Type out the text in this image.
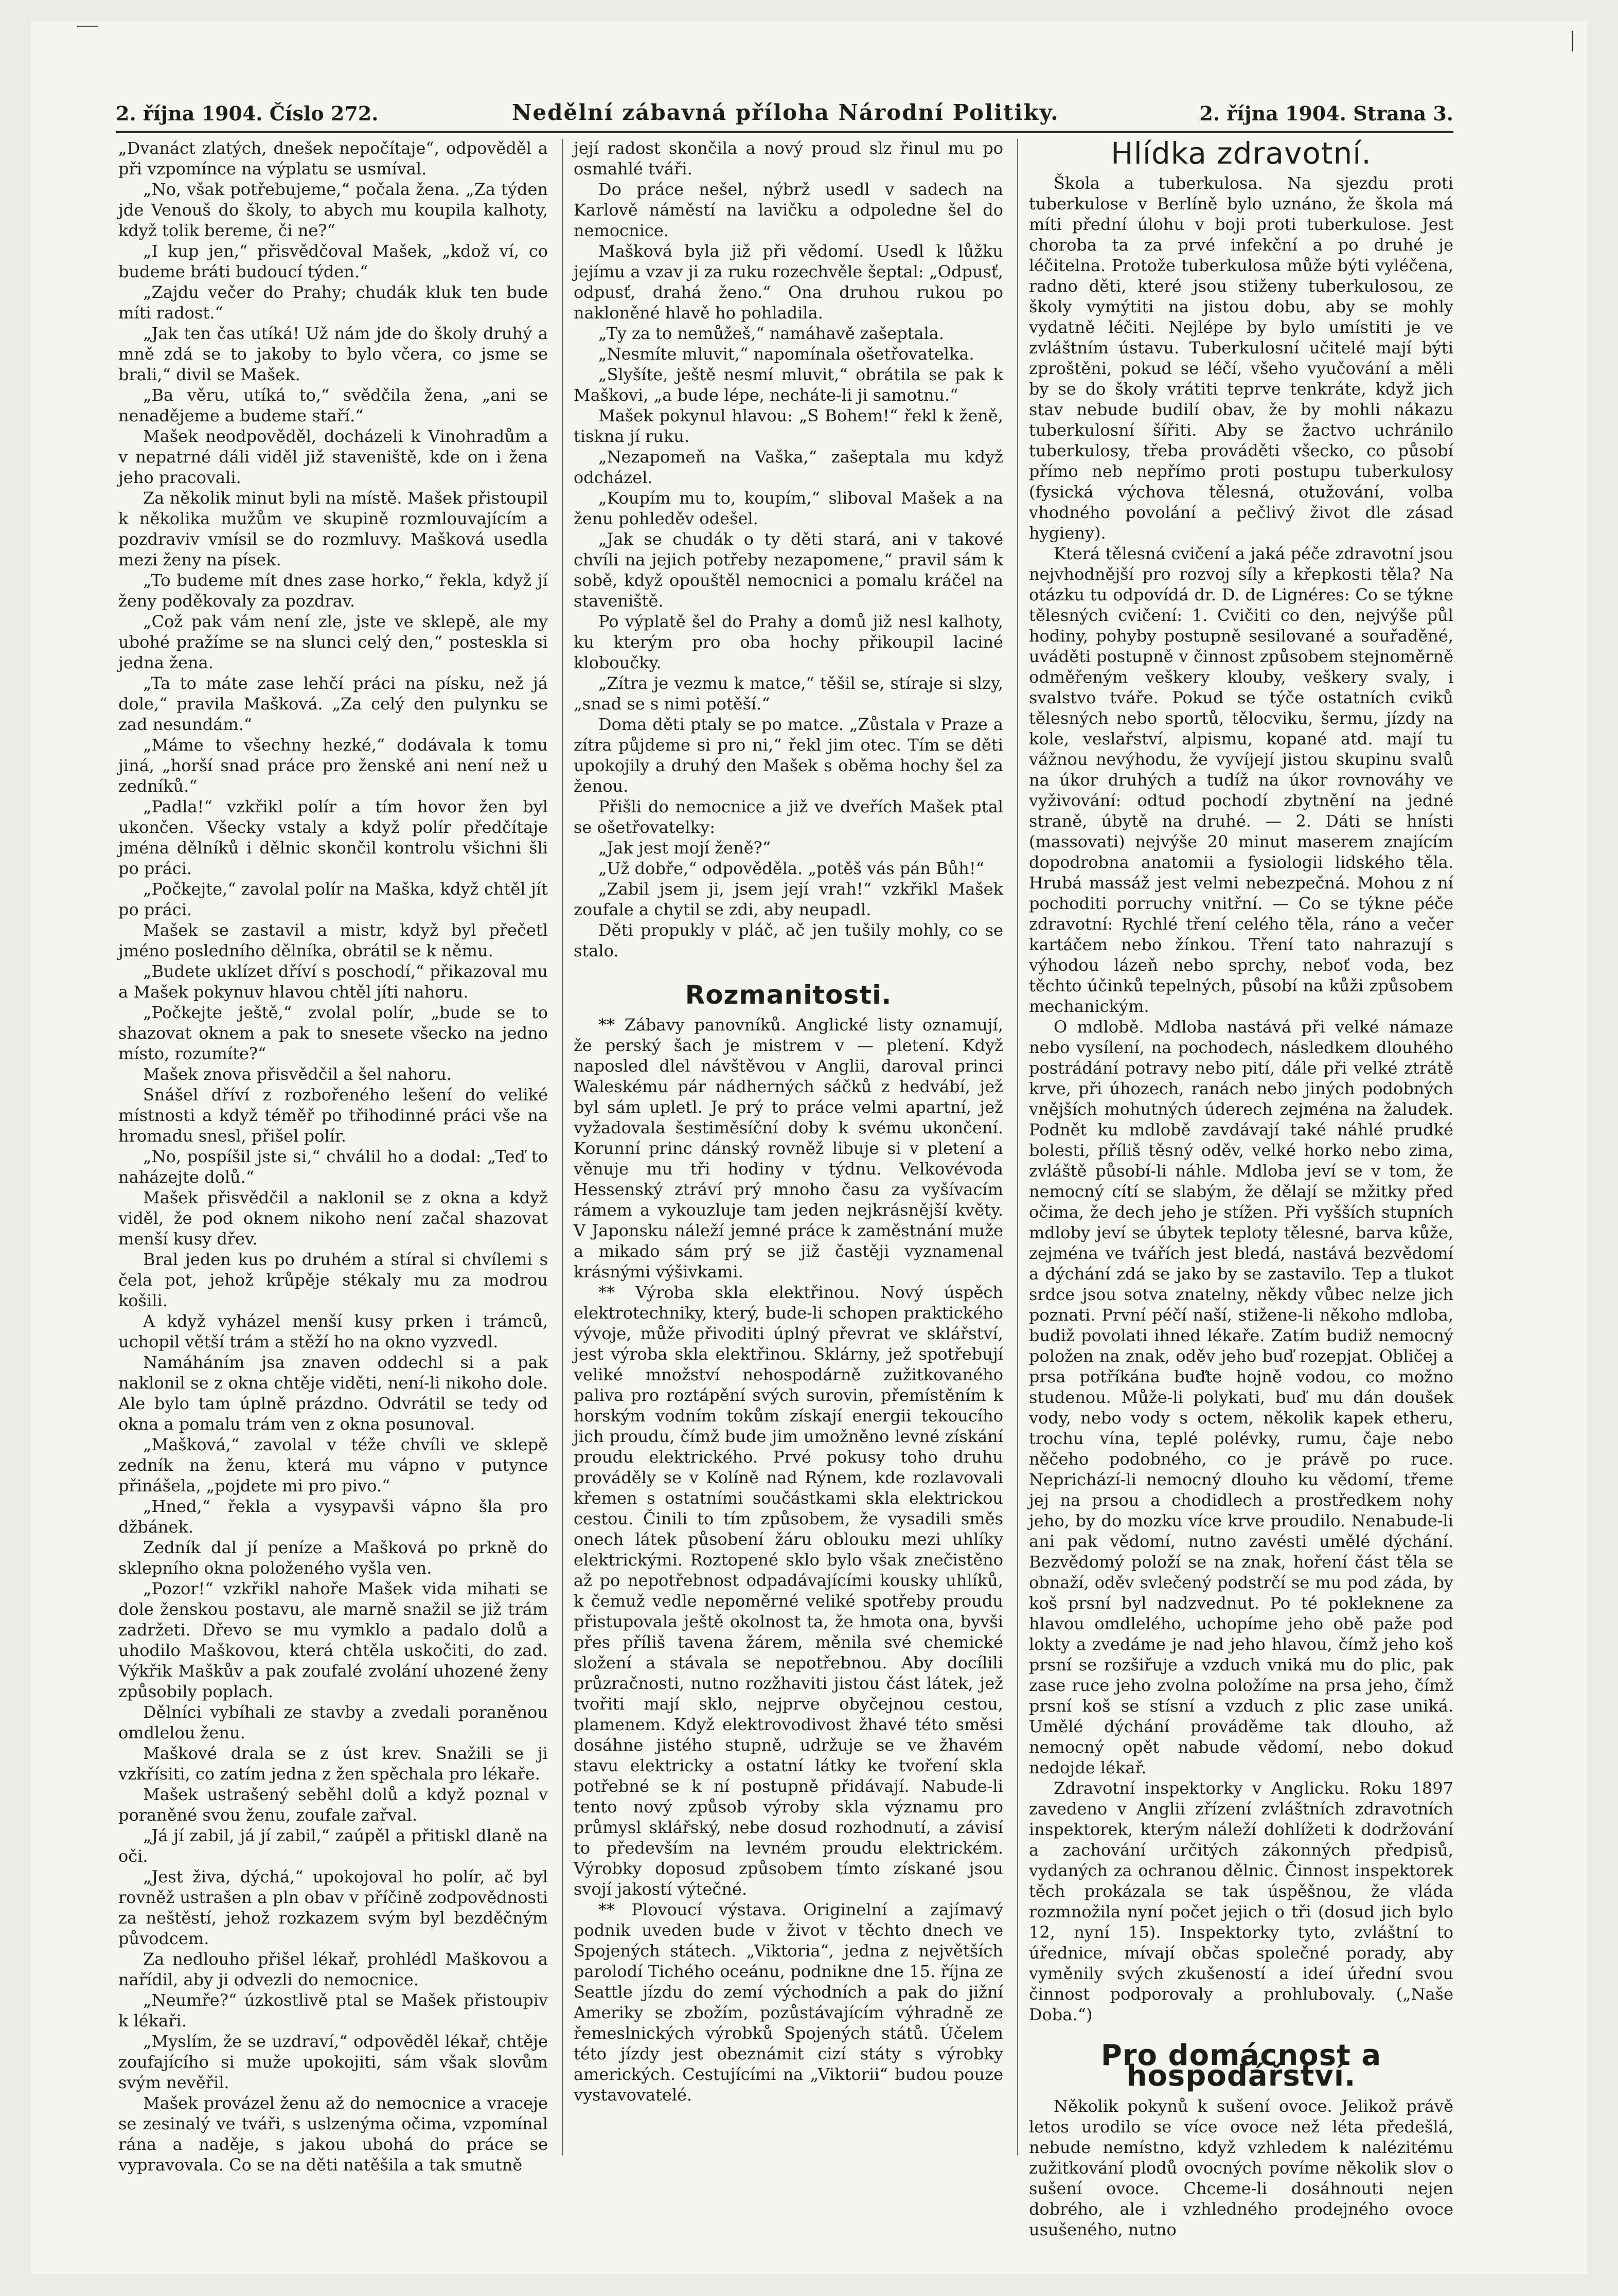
2. října 1904. Číslo 272.	Nedělní zábavná příloha Národní Politiky.	2. října 1904. Strana 3.

„Dvanáct zlatých, dnešek nepočítaje“, odpověděl a při vzpomínce na výplatu se usmíval.

„No, však potřebujeme,“ počala žena. „Za týden jde Venouš do školy, to abych mu koupila kalhoty, když tolik bereme, či ne?“

„I kup jen,“ přisvědčoval Mašek, „kdož ví, co budeme bráti budoucí týden.“

„Zajdu večer do Prahy; chudák kluk ten bude míti radost.“

„Jak ten čas utíká! Už nám jde do školy druhý a mně zdá se to jakoby to bylo včera, co jsme se brali,“ divil se Mašek.

„Ba věru, utíká to,“ svědčila žena, „ani se nenadějeme a budeme staří.“

Mašek neodpověděl, docházeli k Vinohradům a v nepatrné dáli viděl již staveniště, kde on i žena jeho pracovali.

Za několik minut byli na místě. Mašek přistoupil k několika mužům ve skupině rozmlouvajícím a pozdraviv vmísil se do rozmluvy. Mašková usedla mezi ženy na písek.

„To budeme mít dnes zase horko,“ řekla, když jí ženy poděkovaly za pozdrav.

„Což pak vám není zle, jste ve sklepě, ale my ubohé pražíme se na slunci celý den,“ posteskla si jedna žena.

„Ta to máte zase lehčí práci na písku, než já dole,“ pravila Mašková. „Za celý den pulynku se zad nesundám.“

„Máme to všechny hezké,“ dodávala k tomu jiná, „horší snad práce pro ženské ani není než u zedníků.“

„Padla!“ vzkřikl polír a tím hovor žen byl ukončen. Všecky vstaly a když polír předčítaje jména dělníků i dělnic skončil kontrolu všichni šli po práci.

„Počkejte,“ zavolal polír na Maška, když chtěl jít po práci.

Mašek se zastavil a mistr, když byl přečetl jméno posledního dělníka, obrátil se k němu.

„Budete uklízet dříví s poschodí,“ přikazoval mu a Mašek pokynuv hlavou chtěl jíti nahoru.

„Počkejte ještě,“ zvolal polír, „bude se to shazovat oknem a pak to snesete všecko na jedno místo, rozumíte?“

Mašek znova přisvědčil a šel nahoru.

Snášel dříví z rozbořeného lešení do veliké místnosti a když téměř po třihodinné práci vše na hromadu snesl, přišel polír.

„No, pospíšil jste si,“ chválil ho a dodal: „Teď to naházejte dolů.“

Mašek přisvědčil a naklonil se z okna a když viděl, že pod oknem nikoho není začal shazovat menší kusy dřev.

Bral jeden kus po druhém a stíral si chvílemi s čela pot, jehož krůpěje stékaly mu za modrou košili.

A když vyházel menší kusy prken i trámců, uchopil větší trám a stěží ho na okno vyzvedl.

Namáháním jsa znaven oddechl si a pak naklonil se z okna chtěje viděti, není-li nikoho dole. Ale bylo tam úplně prázdno. Odvrátil se tedy od okna a pomalu trám ven z okna posunoval.

„Mašková,“ zavolal v téže chvíli ve sklepě zedník na ženu, která mu vápno v putynce přinášela, „pojdete mi pro pivo.“

„Hned,“ řekla a vysypavši vápno šla pro džbánek.

Zedník dal jí peníze a Mašková po prkně do sklepního okna položeného vyšla ven.

„Pozor!“ vzkřikl nahoře Mašek vida mihati se dole ženskou postavu, ale marně snažil se již trám zadržeti. Dřevo se mu vymklo a padalo dolů a uhodilo Maškovou, která chtěla uskočiti, do zad. Výkřik Maškův a pak zoufalé zvolání uhozené ženy způsobily poplach.

Dělníci vybíhali ze stavby a zvedali poraněnou omdlelou ženu.

Maškové drala se z úst krev. Snažili se ji vzkřísiti, co zatím jedna z žen spěchala pro lékaře.

Mašek ustrašený seběhl dolů a když poznal v poraněné svou ženu, zoufale zařval.

„Já jí zabil, já jí zabil,“ zaúpěl a přitiskl dlaně na oči.

„Jest živa, dýchá,“ upokojoval ho polír, ač byl rovněž ustrašen a pln obav v příčině zodpovědnosti za neštěstí, jehož rozkazem svým byl bezděčným původcem.

Za nedlouho přišel lékař, prohlédl Maškovou a nařídil, aby ji odvezli do nemocnice.

„Neumře?“ úzkostlivě ptal se Mašek přistoupiv k lékaři.

„Myslím, že se uzdraví,“ odpověděl lékař, chtěje zoufajícího si muže upokojiti, sám však slovům svým nevěřil.

Mašek provázel ženu až do nemocnice a vraceje se zesinalý ve tváři, s uslzenýma očima, vzpomínal rána a naděje, s jakou ubohá do práce se vypravovala. Co se na děti natěšila a tak smutně

její radost skončila a nový proud slz řinul mu po osmahlé tváři.

Do práce nešel, nýbrž usedl v sadech na Karlově náměstí na lavičku a odpoledne šel do nemocnice.

Mašková byla již při vědomí. Usedl k lůžku jejímu a vzav ji za ruku rozechvěle šeptal: „Odpusť, odpusť, drahá ženo.“ Ona druhou rukou po nakloněné hlavě ho pohladila.

„Ty za to nemůžeš,“ namáhavě zašeptala.

„Nesmíte mluvit,“ napomínala ošetřovatelka.

„Slyšíte, ještě nesmí mluvit,“ obrátila se pak k Maškovi, „a bude lépe, necháte-li ji samotnu.“

Mašek pokynul hlavou: „S Bohem!“ řekl k ženě, tiskna jí ruku.

„Nezapomeň na Vaška,“ zašeptala mu když odcházel.

„Koupím mu to, koupím,“ sliboval Mašek a na ženu pohleděv odešel.

„Jak se chudák o ty děti stará, ani v takové chvíli na jejich potřeby nezapomene,“ pravil sám k sobě, když opouštěl nemocnici a pomalu kráčel na staveniště.

Po výplatě šel do Prahy a domů již nesl kalhoty, ku kterým pro oba hochy přikoupil laciné kloboučky.

„Zítra je vezmu k matce,“ těšil se, stíraje si slzy, „snad se s nimi potěší.“

Doma děti ptaly se po matce. „Zůstala v Praze a zítra půjdeme si pro ni,“ řekl jim otec. Tím se děti upokojily a druhý den Mašek s oběma hochy šel za ženou.

Přišli do nemocnice a již ve dveřích Mašek ptal se ošetřovatelky:

„Jak jest mojí ženě?“

„Už dobře,“ odpověděla. „potěš vás pán Bůh!“

„Zabil jsem ji, jsem její vrah!“ vzkřikl Mašek zoufale a chytil se zdi, aby neupadl.

Děti propukly v pláč, ač jen tušily mohly, co se stalo.

Rozmanitosti.

** Zábavy panovníků. Anglické listy oznamují, že perský šach je mistrem v — pletení. Když naposled dlel návštěvou v Anglii, daroval princi Waleskému pár nádherných sáčků z hedvábí, jež byl sám upletl. Je prý to práce velmi apartní, jež vyžadovala šestiměsíční doby k svému ukončení. Korunní princ dánský rovněž libuje si v pletení a věnuje mu tři hodiny v týdnu. Velkovévoda Hessenský ztráví prý mnoho času za vyšívacím rámem a vykouzluje tam jeden nejkrásnější květy. V Japonsku náleží jemné práce k zaměstnání muže a mikado sám prý se již častěji vyznamenal krásnými výšivkami.

** Výroba skla elektřinou. Nový úspěch elektrotechniky, který, bude-li schopen praktického vývoje, může přivoditi úplný převrat ve sklářství, jest výroba skla elektřinou. Sklárny, jež spotřebují veliké množství nehospodárně zužitkovaného paliva pro roztápění svých surovin, přemístěním k horským vodním tokům získají energii tekoucího jich proudu, čímž bude jim umožněno levné získání proudu elektrického. Prvé pokusy toho druhu prováděly se v Kolíně nad Rýnem, kde rozlavovali křemen s ostatními součástkami skla elektrickou cestou. Činili to tím způsobem, že vysadili směs onech látek působení žáru oblouku mezi uhlíky elektrickými. Roztopené sklo bylo však znečistěno až po nepotřebnost odpadávajícími kousky uhlíků, k čemuž vedle nepoměrné veliké spotřeby proudu přistupovala ještě okolnost ta, že hmota ona, byvši přes příliš tavena žárem, měnila své chemické složení a stávala se nepotřebnou. Aby docílili průzračnosti, nutno rozžhaviti jistou část látek, jež tvořiti mají sklo, nejprve obyčejnou cestou, plamenem. Když elektrovodivost žhavé této směsi dosáhne jistého stupně, udržuje se ve žhavém stavu elektricky a ostatní látky ke tvoření skla potřebné se k ní postupně přidávají. Nabude-li tento nový způsob výroby skla významu pro průmysl sklářský, nebe dosud rozhodnutí, a závisí to především na levném proudu elektrickém. Výrobky doposud způsobem tímto získané jsou svojí jakostí výtečné.

** Plovoucí výstava. Originelní a zajímavý podnik uveden bude v život v těchto dnech ve Spojených státech. „Viktoria“, jedna z největších parolodí Tichého oceánu, podnikne dne 15. října ze Seattle jízdu do zemí východních a pak do jižní Ameriky se zbožím, pozůstávajícím výhradně ze řemeslnických výrobků Spojených států. Účelem této jízdy jest obeznámit cizí státy s výrobky amerických. Cestujícími na „Viktorii“ budou pouze vystavovatelé.

Hlídka zdravotní.

Škola a tuberkulosa. Na sjezdu proti tuberkulose v Berlíně bylo uznáno, že škola má míti přední úlohu v boji proti tuberkulose. Jest choroba ta za prvé infekční a po druhé je léčitelna. Protože tuberkulosa může býti vyléčena, radno děti, které jsou stiženy tuberkulosou, ze školy vymýtiti na jistou dobu, aby se mohly vydatně léčiti. Nejlépe by bylo umístiti je ve zvláštním ústavu. Tuberkulosní učitelé mají býti zproštěni, pokud se léčí, všeho vyučování a měli by se do školy vrátiti teprve tenkráte, když jich stav nebude budilí obav, že by mohli nákazu tuberkulosní šířiti. Aby se žactvo uchránilo tuberkulosy, třeba prováděti všecko, co působí přímo neb nepřímo proti postupu tuberkulosy (fysická výchova tělesná, otužování, volba vhodného povolání a pečlivý život dle zásad hygieny).

Která tělesná cvičení a jaká péče zdravotní jsou nejvhodnější pro rozvoj síly a křepkosti těla? Na otázku tu odpovídá dr. D. de Lignéres: Co se týkne tělesných cvičení: 1. Cvičiti co den, nejvýše půl hodiny, pohyby postupně sesilované a souřaděné, uváděti postupně v činnost způsobem stejnoměrně odměřeným veškery klouby, veškery svaly, i svalstvo tváře. Pokud se týče ostatních cviků tělesných nebo sportů, tělocviku, šermu, jízdy na kole, veslařství, alpismu, kopané atd. mají tu vážnou nevýhodu, že vyvíjejí jistou skupinu svalů na úkor druhých a tudíž na úkor rovnováhy ve vyživování: odtud pochodí zbytnění na jedné straně, úbytě na druhé. — 2. Dáti se hnísti (massovati) nejvýše 20 minut maserem znajícím dopodrobna anatomii a fysiologii lidského těla. Hrubá massáž jest velmi nebezpečná. Mohou z ní pochoditi porruchy vnitřní. — Co se týkne péče zdravotní: Rychlé tření celého těla, ráno a večer kartáčem nebo žínkou. Tření tato nahrazují s výhodou lázeň nebo sprchy, neboť voda, bez těchto účinků tepelných, působí na kůži způsobem mechanickým.

O mdlobě. Mdloba nastává při velké námaze nebo vysílení, na pochodech, následkem dlouhého postrádání potravy nebo pití, dále při velké ztrátě krve, při úhozech, ranách nebo jiných podobných vnějších mohutných úderech zejména na žaludek. Podnět ku mdlobě zavdávají také náhlé prudké bolesti, příliš těsný oděv, velké horko nebo zima, zvláště působí-li náhle. Mdloba jeví se v tom, že nemocný cítí se slabým, že dělají se mžitky před očima, že dech jeho je stížen. Při vyšších stupních mdloby jeví se úbytek teploty tělesné, barva kůže, zejména ve tvářích jest bledá, nastává bezvědomí a dýchání zdá se jako by se zastavilo. Tep a tlukot srdce jsou sotva znatelny, někdy vůbec nelze jich poznati. První péčí naší, stižene-li někoho mdloba, budiž povolati ihned lékaře. Zatím budiž nemocný položen na znak, oděv jeho buď rozepjat. Obličej a prsa potříkána buďte hojně vodou, co možno studenou. Může-li polykati, buď mu dán doušek vody, nebo vody s octem, několik kapek etheru, trochu vína, teplé polévky, rumu, čaje nebo něčeho podobného, co je právě po ruce. Neprichází-li nemocný dlouho ku vědomí, třeme jej na prsou a chodidlech a prostředkem nohy jeho, by do mozku více krve proudilo. Nenabude-li ani pak vědomí, nutno zavésti umělé dýchání. Bezvědomý položí se na znak, hoření část těla se obnaží, oděv svlečený podstrčí se mu pod záda, by koš prsní byl nadzvednut. Po té pokleknene za hlavou omdlelého, uchopíme jeho obě paže pod lokty a zvedáme je nad jeho hlavou, čímž jeho koš prsní se rozšiřuje a vzduch vniká mu do plic, pak zase ruce jeho zvolna položíme na prsa jeho, čímž prsní koš se stísní a vzduch z plic zase uniká. Umělé dýchání prováděme tak dlouho, až nemocný opět nabude vědomí, nebo dokud nedojde lékař.

Zdravotní inspektorky v Anglicku. Roku 1897 zavedeno v Anglii zřízení zvláštních zdravotních inspektorek, kterým náleží dohlížeti k dodržování a zachování určitých zákonných předpisů, vydaných za ochranou dělnic. Činnost inspektorek těch prokázala se tak úspěšnou, že vláda rozmnožila nyní počet jejich o tři (dosud jich bylo 12, nyní 15). Inspektorky tyto, zvláštní to úřednice, mívají občas společné porady, aby vyměnily svých zkušeností a ideí úřední svou činnost podporovaly a prohlubovaly. („Naše Doba.“)

Pro domácnost a hospodářství.

Několik pokynů k sušení ovoce. Jelikož právě letos urodilo se více ovoce než léta předešlá, nebude nemístno, když vzhledem k nalézitému zužitkování plodů ovocných povíme několik slov o sušení ovoce. Chceme-li dosáhnouti nejen dobrého, ale i vzhledného prodejného ovoce usušeného, nutno
